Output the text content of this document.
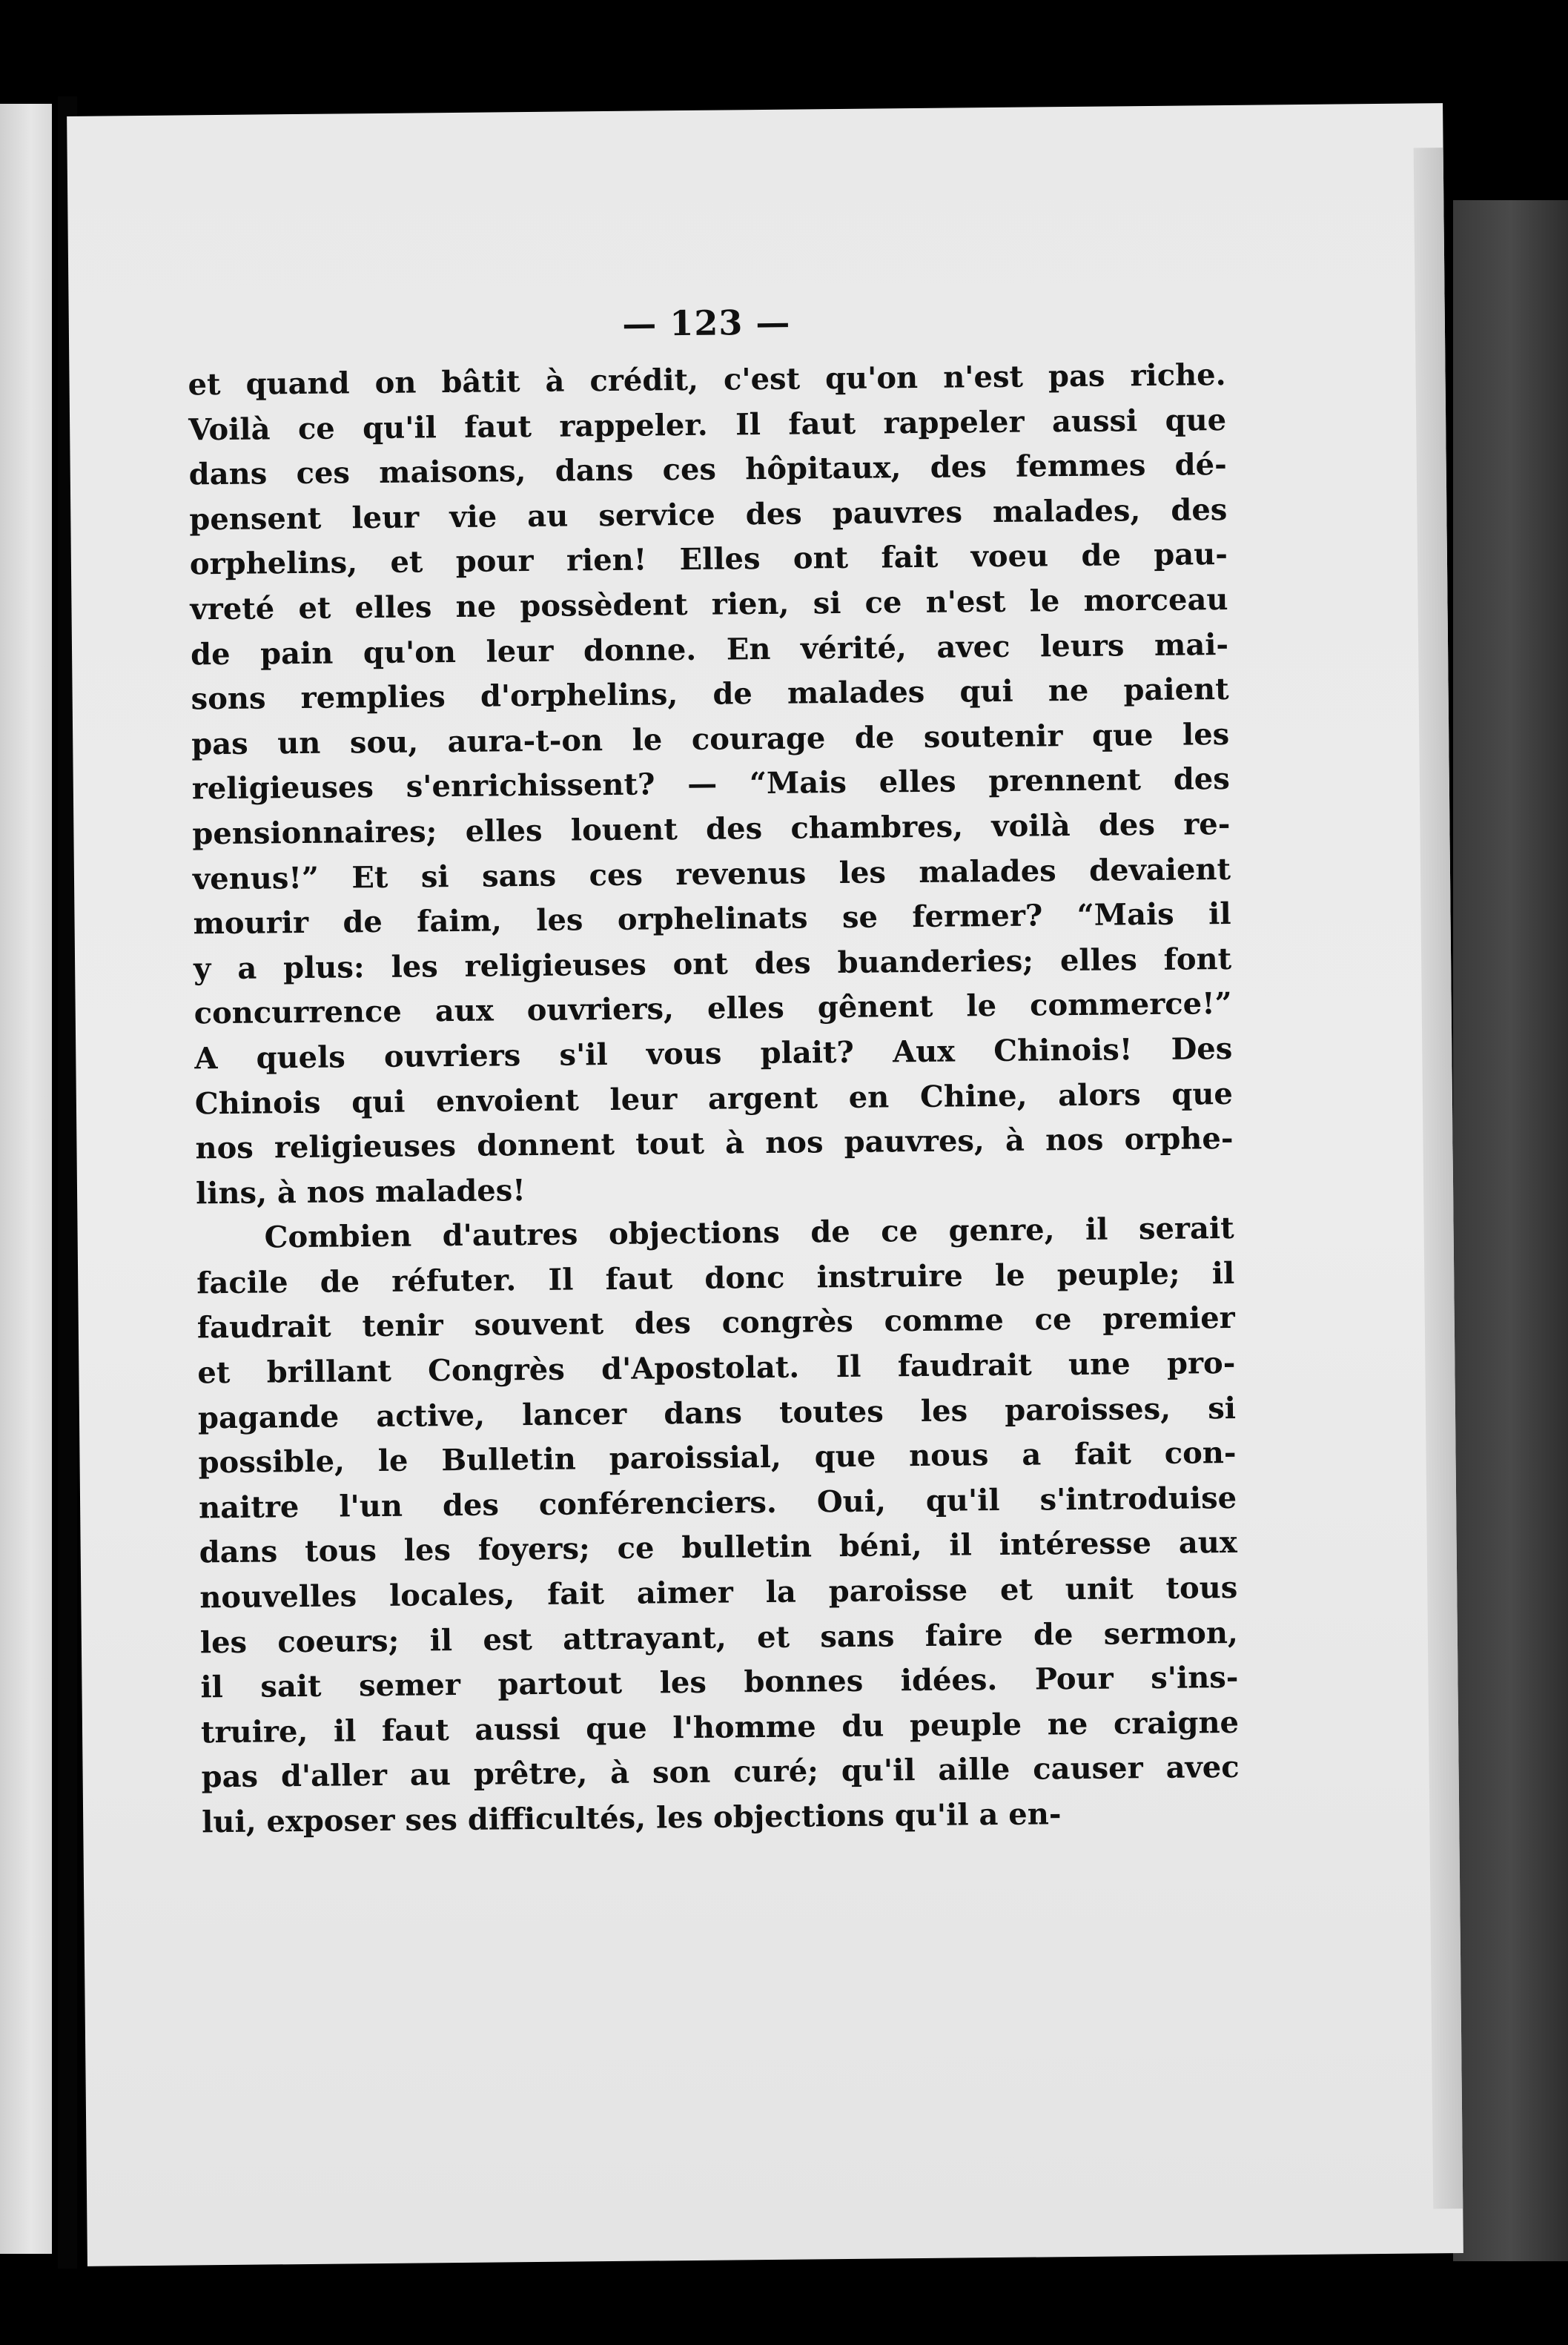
— 123 —

et quand on bâtit à crédit, c'est qu'on n'est pas riche.
Voilà ce qu'il faut rappeler. Il faut rappeler aussi que
dans ces maisons, dans ces hôpitaux, des femmes dé-
pensent leur vie au service des pauvres malades, des
orphelins, et pour rien! Elles ont fait voeu de pau-
vreté et elles ne possèdent rien, si ce n'est le morceau
de pain qu'on leur donne. En vérité, avec leurs mai-
sons remplies d'orphelins, de malades qui ne paient
pas un sou, aura-t-on le courage de soutenir que les
religieuses s'enrichissent? — “Mais elles prennent des
pensionnaires; elles louent des chambres, voilà des re-
venus!” Et si sans ces revenus les malades devaient
mourir de faim, les orphelinats se fermer? “Mais il
y a plus: les religieuses ont des buanderies; elles font
concurrence aux ouvriers, elles gênent le commerce!”
A quels ouvriers s'il vous plait? Aux Chinois! Des
Chinois qui envoient leur argent en Chine, alors que
nos religieuses donnent tout à nos pauvres, à nos orphe-
lins, à nos malades!

Combien d'autres objections de ce genre, il serait
facile de réfuter. Il faut donc instruire le peuple; il
faudrait tenir souvent des congrès comme ce premier
et brillant Congrès d'Apostolat. Il faudrait une pro-
pagande active, lancer dans toutes les paroisses, si
possible, le Bulletin paroissial, que nous a fait con-
naitre l'un des conférenciers. Oui, qu'il s'introduise
dans tous les foyers; ce bulletin béni, il intéresse aux
nouvelles locales, fait aimer la paroisse et unit tous
les coeurs; il est attrayant, et sans faire de sermon,
il sait semer partout les bonnes idées. Pour s'ins-
truire, il faut aussi que l'homme du peuple ne craigne
pas d'aller au prêtre, à son curé; qu'il aille causer avec
lui, exposer ses difficultés, les objections qu'il a en-
